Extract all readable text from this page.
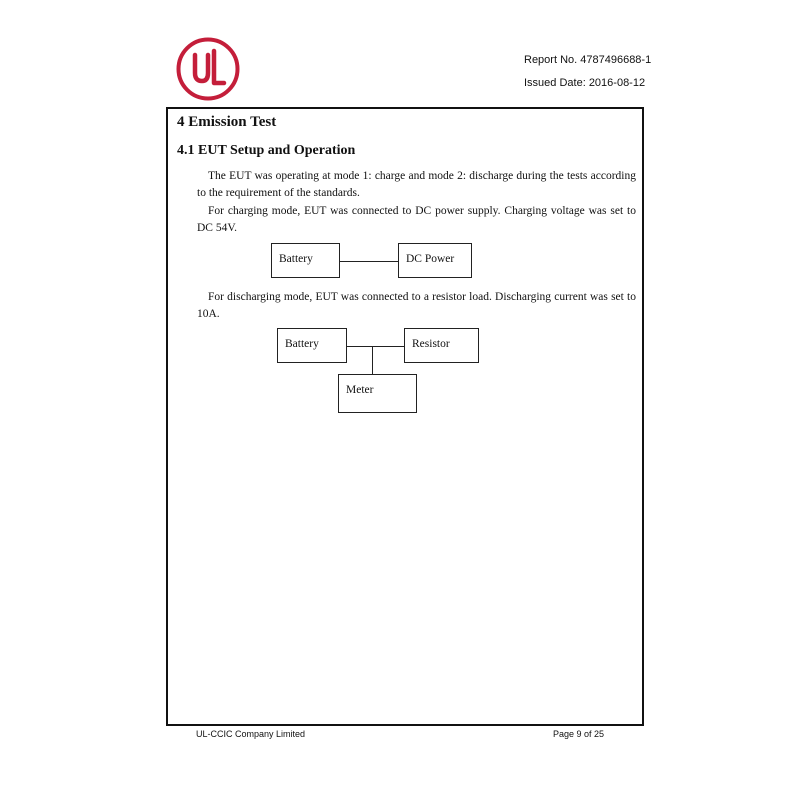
Report No. 4787496688-1
Issued Date: 2016-08-12
4 Emission Test
4.1 EUT Setup and Operation
The EUT was operating at mode 1: charge and mode 2: discharge during the tests according to the requirement of the standards.
For charging mode, EUT was connected to DC power supply. Charging voltage was set to DC 54V.
Battery	DC Power
For discharging mode, EUT was connected to a resistor load. Discharging current was set to 10A.
Battery	Resistor
Meter
UL-CCIC Company Limited	Page 9 of 25
